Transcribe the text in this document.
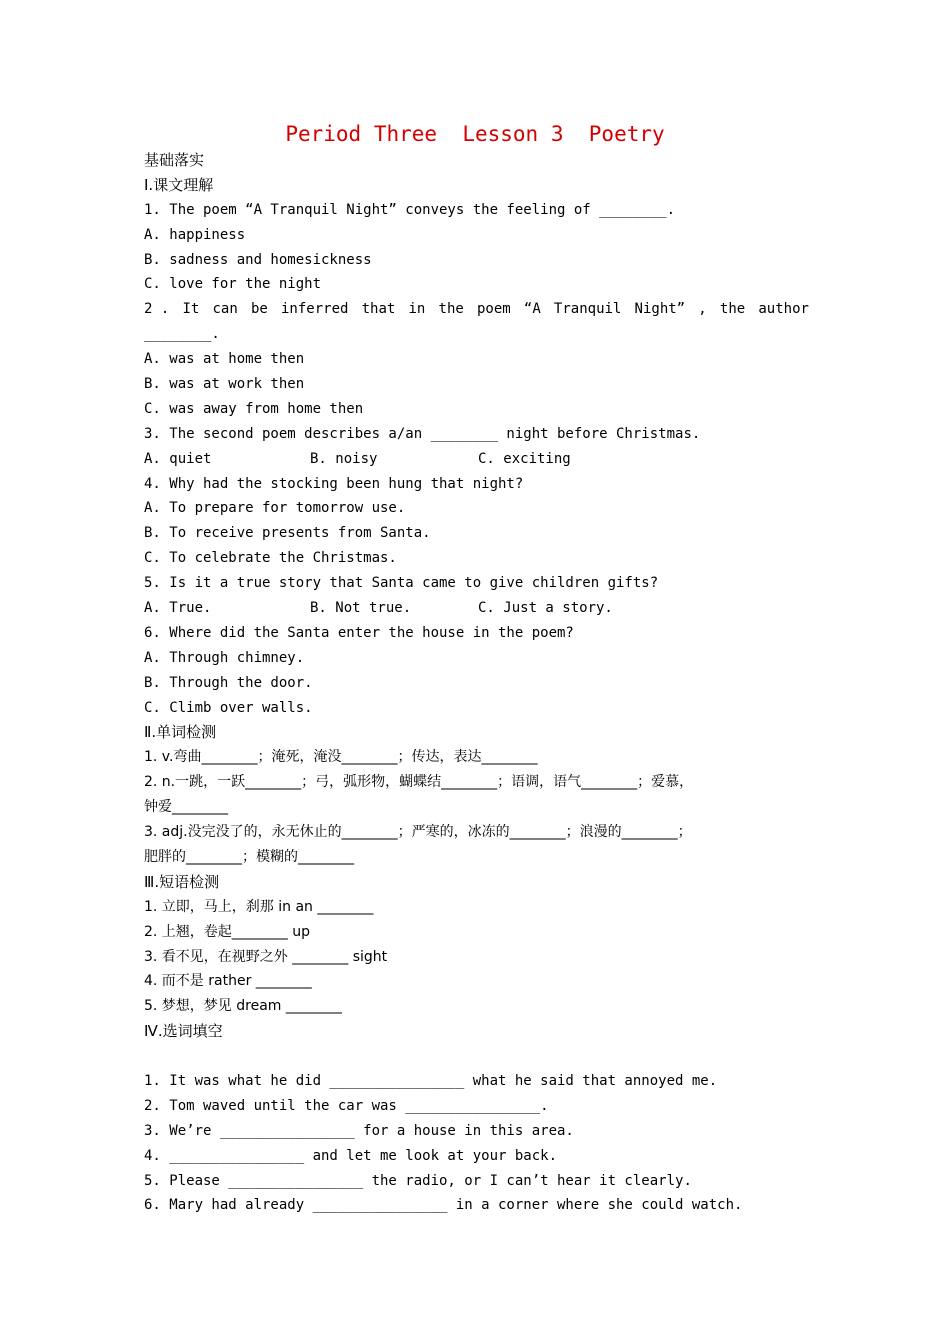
Period Three  Lesson 3  Poetry
基础落实
Ⅰ.课文理解
1. The poem “A Tranquil Night” conveys the feeling of ________.
A. happiness
B. sadness and homesickness
C. love for the night
2 . It can be inferred that in the poem “A Tranquil Night” , the author
________.
A. was at home then
B. was at work then
C. was away from home then
3. The second poem describes a/an ________ night before Christmas.
A. quiet	B. noisy	C. exciting
4. Why had the stocking been hung that night?
A. To prepare for tomorrow use.
B. To receive presents from Santa.
C. To celebrate the Christmas.
5. Is it a true story that Santa came to give children gifts?
A. True.	B. Not true.	C. Just a story.
6. Where did the Santa enter the house in the poem?
A. Through chimney.
B. Through the door.
C. Climb over walls.
Ⅱ.单词检测
1. v.弯曲________；淹死，淹没________；传达，表达________
2. n.一跳，一跃________；弓，弧形物，蝴蝶结________；语调，语气________；爱慕，
钟爱________
3. adj.没完没了的，永无休止的________；严寒的，冰冻的________；浪漫的________；
肥胖的________；模糊的________
Ⅲ.短语检测
1. 立即，马上，刹那 in an ________
2. 上翘，卷起________ up
3. 看不见，在视野之外 ________ sight
4. 而不是 rather ________
5. 梦想，梦见 dream ________
Ⅳ.选词填空
1. It was what he did ________________ what he said that annoyed me.
2. Tom waved until the car was ________________.
3. We’re ________________ for a house in this area.
4. ________________ and let me look at your back.
5. Please ________________ the radio, or I can’t hear it clearly.
6. Mary had already ________________ in a corner where she could watch.
